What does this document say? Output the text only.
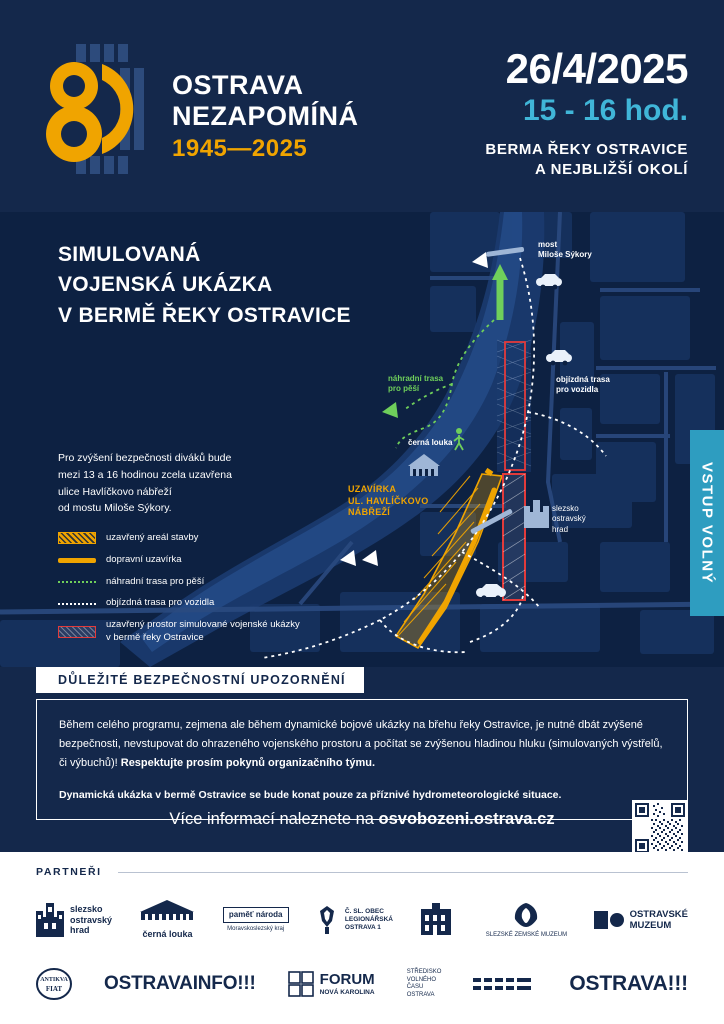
OSTRAVA
NEZAPOMÍNÁ
1945—2025
26/4/2025
15 - 16 hod.
BERMA ŘEKY OSTRAVICE
A NEJBLIŽŠÍ OKOLÍ
SIMULOVANÁ
VOJENSKÁ UKÁZKA
V BERMĚ ŘEKY OSTRAVICE
Pro zvýšení bezpečnosti diváků bude
mezi 13 a 16 hodinou zcela uzavřena
ulice Havlíčkovo nábřeží
od mostu Miloše Sýkory.
uzavřený areál stavby
dopravní uzavírka
náhradní trasa pro pěší
objízdná trasa pro vozidla
uzavřený prostor simulované vojenské ukázky
v bermě řeky Ostravice
most
Miloše Sýkory
náhradní trasa
pro pěší
objízdná trasa
pro vozidla
černá louka
UZAVÍRKA
UL. HAVLÍČKOVO
NÁBŘEŽÍ	slezsko
ostravský
hrad	VSTUP VOLNÝ
DŮLEŽITÉ BEZPEČNOSTNÍ UPOZORNĚNÍ

Během celého programu, zejmena ale během dynamické bojové ukázky na břehu řeky Ostravice, je nutné dbát zvýšené bezpečnosti, nevstupovat do ohrazeného vojenského prostoru a počítat se zvýšenou hladinou hluku (simulovaných výstřelů, či výbuchů)! Respektujte prosím pokynů organizačního týmu.

Dynamická ukázka v bermě Ostravice se bude konat pouze za příznivé hydrometeorologické situace.

Více informací naleznete na osvobozeni.ostrava.cz
PARTNEŘI
slezsko
ostravský
hrad	černá louka
paměť národa
Moravskoslezský kraj
Č. SL. OBEC
LEGIONÁŘSKÁ
OSTRAVA 1
SLEZSKÉ ZEMSKÉ MUZEUM
OSTRAVSKÉ
MUZEUM
ANTIKVA
FIAT OSTRAVAINFO!!!	FORUM
NOVÁ KAROLINA
STŘEDISKO
VOLNÉHO
ČASU
OSTRAVA	OSTRAVA!!!
